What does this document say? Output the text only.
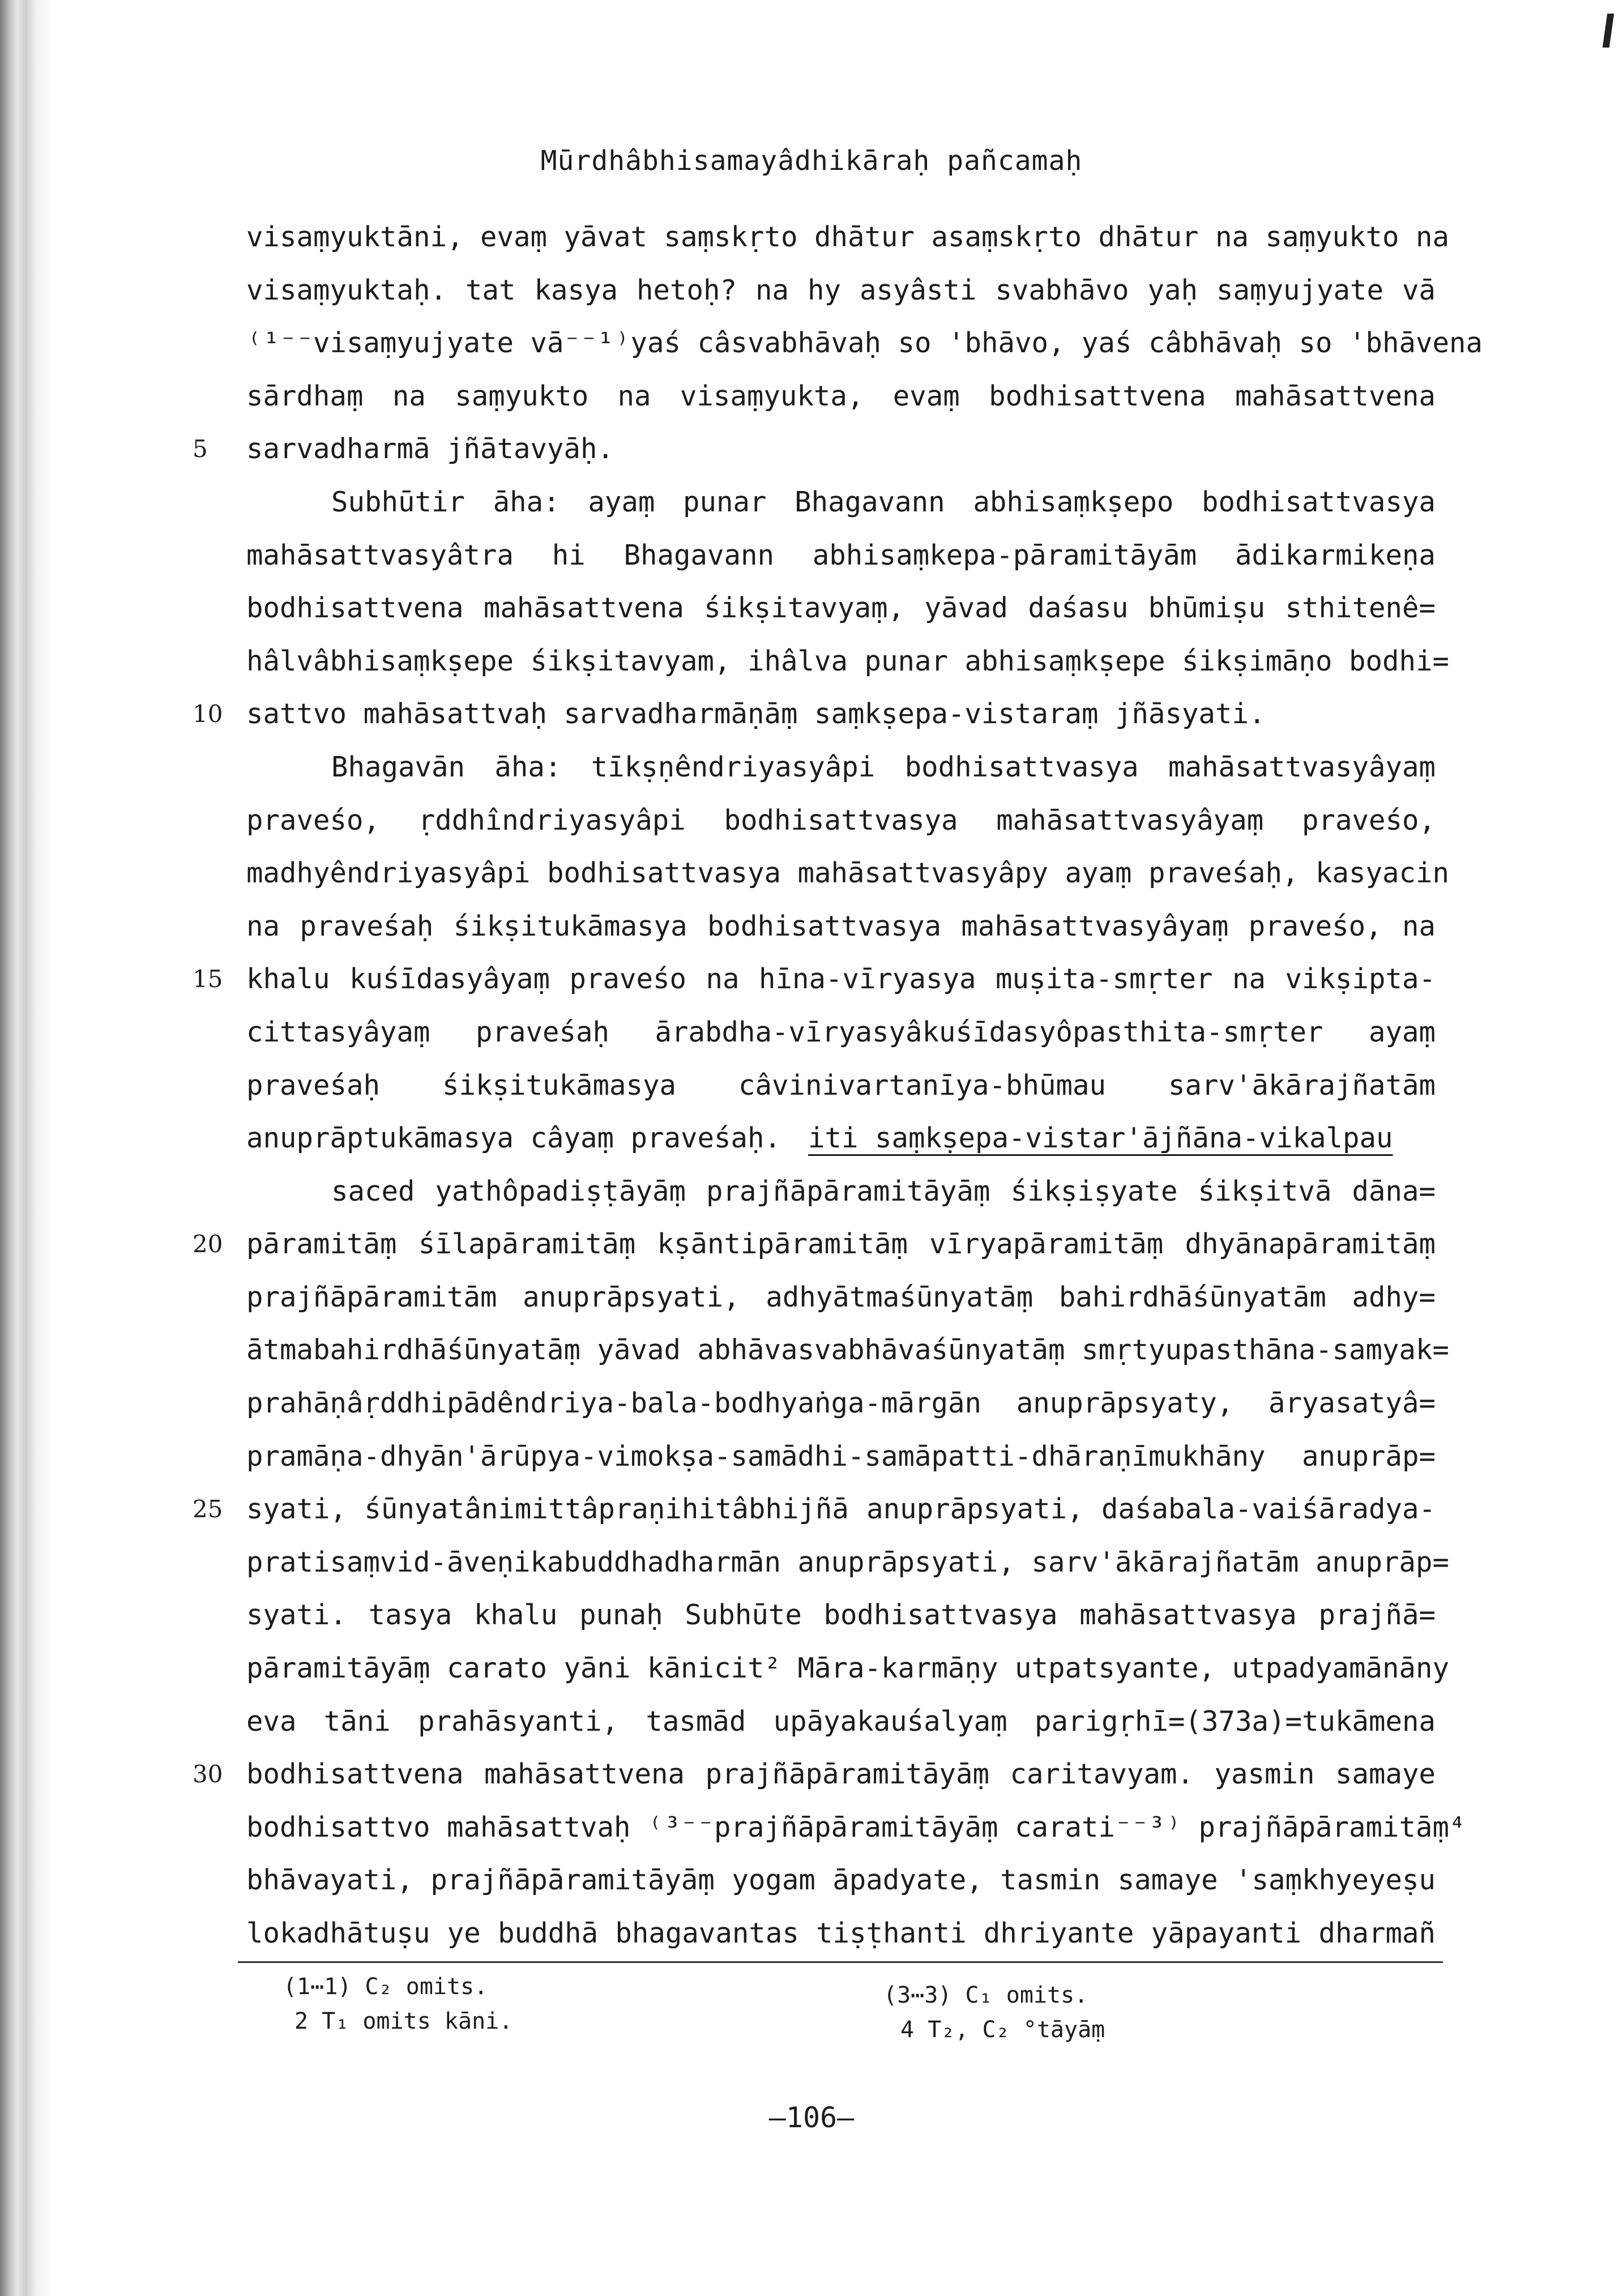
Mūrdhâbhisamayâdhikāraḥ pañcamaḥ
visaṃyuktāni, evaṃ yāvat saṃskṛto dhātur asaṃskṛto dhātur na saṃyukto na
visaṃyuktaḥ. tat kasya hetoḥ? na hy asyâsti svabhāvo yaḥ saṃyujyate vā
⁽¹⁻⁻visaṃyujyate vā⁻⁻¹⁾yaś câsvabhāvaḥ so 'bhāvo, yaś câbhāvaḥ so 'bhāvena
sārdhaṃ na saṃyukto na visaṃyukta, evaṃ bodhisattvena mahāsattvena
5 sarvadharmā jñātavyāḥ.
Subhūtir āha: ayaṃ punar Bhagavann abhisaṃkṣepo bodhisattvasya
mahāsattvasyâtra hi Bhagavann abhisaṃkepa-pāramitāyām ādikarmikeṇa
bodhisattvena mahāsattvena śikṣitavyaṃ, yāvad daśasu bhūmiṣu sthitenê=
hâlvâbhisaṃkṣepe śikṣitavyam, ihâlva punar abhisaṃkṣepe śikṣimāṇo bodhi=
10 sattvo mahāsattvaḥ sarvadharmāṇāṃ saṃkṣepa-vistaraṃ jñāsyati.
Bhagavān āha: tīkṣṇêndriyasyâpi bodhisattvasya mahāsattvasyâyaṃ
praveśo, ṛddhîndriyasyâpi bodhisattvasya mahāsattvasyâyaṃ praveśo,
madhyêndriyasyâpi bodhisattvasya mahāsattvasyâpy ayaṃ praveśaḥ, kasyacin
na praveśaḥ śikṣitukāmasya bodhisattvasya mahāsattvasyâyaṃ praveśo, na
15 khalu kuśīdasyâyaṃ praveśo na hīna-vīryasya muṣita-smṛter na vikṣipta-
cittasyâyaṃ praveśaḥ ārabdha-vīryasyâkuśīdasyôpasthita-smṛter ayaṃ
praveśaḥ śikṣitukāmasya câvinivartanīya-bhūmau sarv'ākārajñatām
anuprāptukāmasya câyaṃ praveśaḥ. iti saṃkṣepa-vistar'ājñāna-vikalpau
saced yathôpadiṣṭāyāṃ prajñāpāramitāyāṃ śikṣiṣyate śikṣitvā dāna=
20 pāramitāṃ śīlapāramitāṃ kṣāntipāramitāṃ vīryapāramitāṃ dhyānapāramitāṃ
prajñāpāramitām anuprāpsyati, adhyātmaśūnyatāṃ bahirdhāśūnyatām adhy=
ātmabahirdhāśūnyatāṃ yāvad abhāvasvabhāvaśūnyatāṃ smṛtyupasthāna-samyak=
prahāṇâṛddhipādêndriya-bala-bodhyaṅga-mārgān anuprāpsyaty, āryasatyâ=
pramāṇa-dhyān'ārūpya-vimokṣa-samādhi-samāpatti-dhāraṇīmukhāny anuprāp=
25 syati, śūnyatânimittâpraṇihitâbhijñā anuprāpsyati, daśabala-vaiśāradya-
pratisaṃvid-āveṇikabuddhadharmān anuprāpsyati, sarv'ākārajñatām anuprāp=
syati. tasya khalu punaḥ Subhūte bodhisattvasya mahāsattvasya prajñā=
pāramitāyāṃ carato yāni kānicit² Māra-karmāṇy utpatsyante, utpadyamānāny
eva tāni prahāsyanti, tasmād upāyakauśalyaṃ parigṛhī=(373a)=tukāmena
30 bodhisattvena mahāsattvena prajñāpāramitāyāṃ caritavyam. yasmin samaye
bodhisattvo mahāsattvaḥ ⁽³⁻⁻prajñāpāramitāyāṃ carati⁻⁻³⁾ prajñāpāramitāṃ⁴
bhāvayati, prajñāpāramitāyāṃ yogam āpadyate, tasmin samaye 'saṃkhyeyeṣu
lokadhātuṣu ye buddhā bhagavantas tiṣṭhanti dhriyante yāpayanti dharmañ
(1⋯1) C₂ omits.
2 T₁ omits kāni.
(3⋯3) C₁ omits.
4 T₂, C₂ °tāyāṃ
—106—
